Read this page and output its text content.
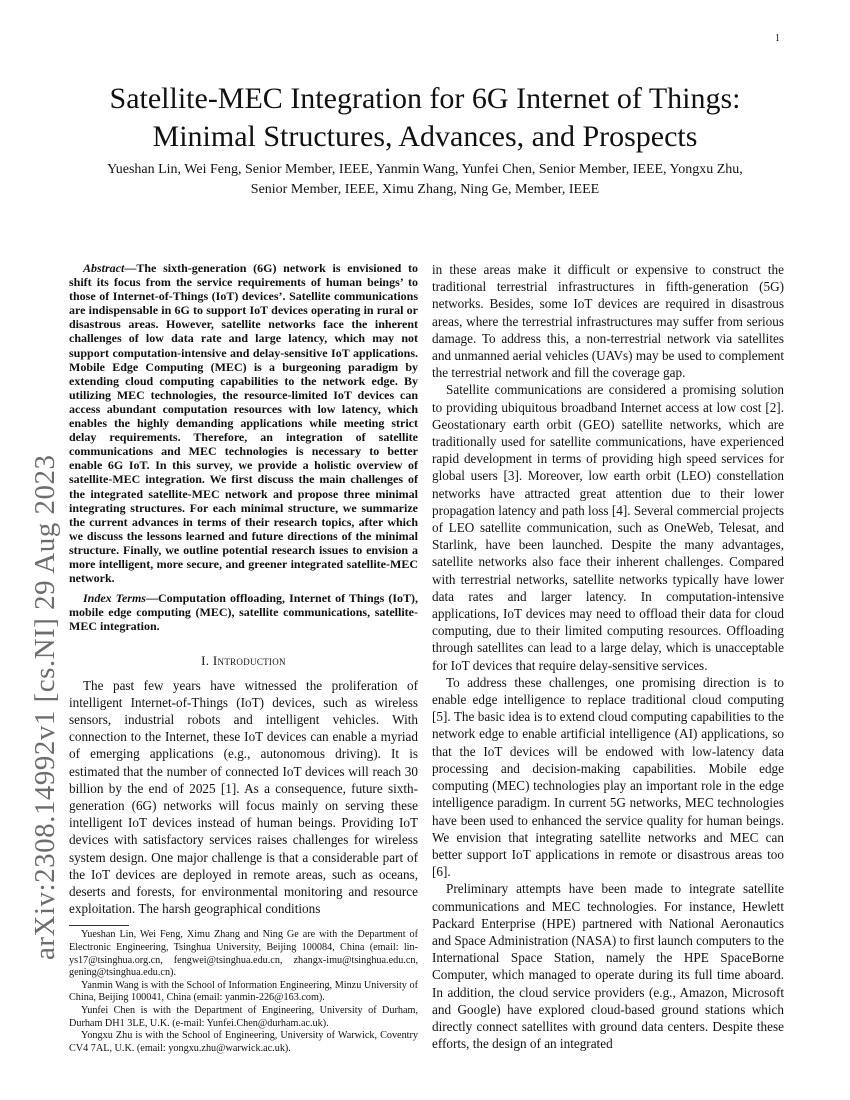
1
arXiv:2308.14992v1 [cs.NI] 29 Aug 2023
Satellite-MEC Integration for 6G Internet of Things:
Minimal Structures, Advances, and Prospects
Yueshan Lin, Wei Feng, Senior Member, IEEE, Yanmin Wang, Yunfei Chen, Senior Member, IEEE, Yongxu Zhu,
Senior Member, IEEE, Ximu Zhang, Ning Ge, Member, IEEE

Abstract—The sixth-generation (6G) network is envisioned to shift its focus from the service requirements of human beings’ to those of Internet-of-Things (IoT) devices’. Satellite communications are indispensable in 6G to support IoT devices operating in rural or disastrous areas. However, satellite networks face the inherent challenges of low data rate and large latency, which may not support computation-intensive and delay-sensitive IoT applications. Mobile Edge Computing (MEC) is a burgeoning paradigm by extending cloud computing capabilities to the network edge. By utilizing MEC technologies, the resource-limited IoT devices can access abundant computation resources with low latency, which enables the highly demanding applications while meeting strict delay requirements. Therefore, an integration of satellite communications and MEC technologies is necessary to better enable 6G IoT. In this survey, we provide a holistic overview of satellite-MEC integration. We first discuss the main challenges of the integrated satellite-MEC network and propose three minimal integrating structures. For each minimal structure, we summarize the current advances in terms of their research topics, after which we discuss the lessons learned and future directions of the minimal structure. Finally, we outline potential research issues to envision a more intelligent, more secure, and greener integrated satellite-MEC network.

Index Terms—Computation offloading, Internet of Things (IoT), mobile edge computing (MEC), satellite communications, satellite-MEC integration.

I. Introduction

The past few years have witnessed the proliferation of intelligent Internet-of-Things (IoT) devices, such as wireless sensors, industrial robots and intelligent vehicles. With connection to the Internet, these IoT devices can enable a myriad of emerging applications (e.g., autonomous driving). It is estimated that the number of connected IoT devices will reach 30 billion by the end of 2025 [1]. As a consequence, future sixth-generation (6G) networks will focus mainly on serving these intelligent IoT devices instead of human beings. Providing IoT devices with satisfactory services raises challenges for wireless system design. One major challenge is that a considerable part of the IoT devices are deployed in remote areas, such as oceans, deserts and forests, for environmental monitoring and resource exploitation. The harsh geographical conditions

Yueshan Lin, Wei Feng, Ximu Zhang and Ning Ge are with the Department of Electronic Engineering, Tsinghua University, Beijing 100084, China (email: lin-ys17@tsinghua.org.cn, fengwei@tsinghua.edu.cn, zhangx-imu@tsinghua.edu.cn, gening@tsinghua.edu.cn).

Yanmin Wang is with the School of Information Engineering, Minzu University of China, Beijing 100041, China (email: yanmin-226@163.com).

Yunfei Chen is with the Department of Engineering, University of Durham, Durham DH1 3LE, U.K. (e-mail: Yunfei.Chen@durham.ac.uk).

Yongxu Zhu is with the School of Engineering, University of Warwick, Coventry CV4 7AL, U.K. (email: yongxu.zhu@warwick.ac.uk).

in these areas make it difficult or expensive to construct the traditional terrestrial infrastructures in fifth-generation (5G) networks. Besides, some IoT devices are required in disastrous areas, where the terrestrial infrastructures may suffer from serious damage. To address this, a non-terrestrial network via satellites and unmanned aerial vehicles (UAVs) may be used to complement the terrestrial network and fill the coverage gap.

Satellite communications are considered a promising solution to providing ubiquitous broadband Internet access at low cost [2]. Geostationary earth orbit (GEO) satellite networks, which are traditionally used for satellite communications, have experienced rapid development in terms of providing high speed services for global users [3]. Moreover, low earth orbit (LEO) constellation networks have attracted great attention due to their lower propagation latency and path loss [4]. Several commercial projects of LEO satellite communication, such as OneWeb, Telesat, and Starlink, have been launched. Despite the many advantages, satellite networks also face their inherent challenges. Compared with terrestrial networks, satellite networks typically have lower data rates and larger latency. In computation-intensive applications, IoT devices may need to offload their data for cloud computing, due to their limited computing resources. Offloading through satellites can lead to a large delay, which is unacceptable for IoT devices that require delay-sensitive services.

To address these challenges, one promising direction is to enable edge intelligence to replace traditional cloud computing [5]. The basic idea is to extend cloud computing capabilities to the network edge to enable artificial intelligence (AI) applications, so that the IoT devices will be endowed with low-latency data processing and decision-making capabilities. Mobile edge computing (MEC) technologies play an important role in the edge intelligence paradigm. In current 5G networks, MEC technologies have been used to enhanced the service quality for human beings. We envision that integrating satellite networks and MEC can better support IoT applications in remote or disastrous areas too [6].

Preliminary attempts have been made to integrate satellite communications and MEC technologies. For instance, Hewlett Packard Enterprise (HPE) partnered with National Aeronautics and Space Administration (NASA) to first launch computers to the International Space Station, namely the HPE SpaceBorne Computer, which managed to operate during its full time aboard. In addition, the cloud service providers (e.g., Amazon, Microsoft and Google) have explored cloud-based ground stations which directly connect satellites with ground data centers. Despite these efforts, the design of an integrated
